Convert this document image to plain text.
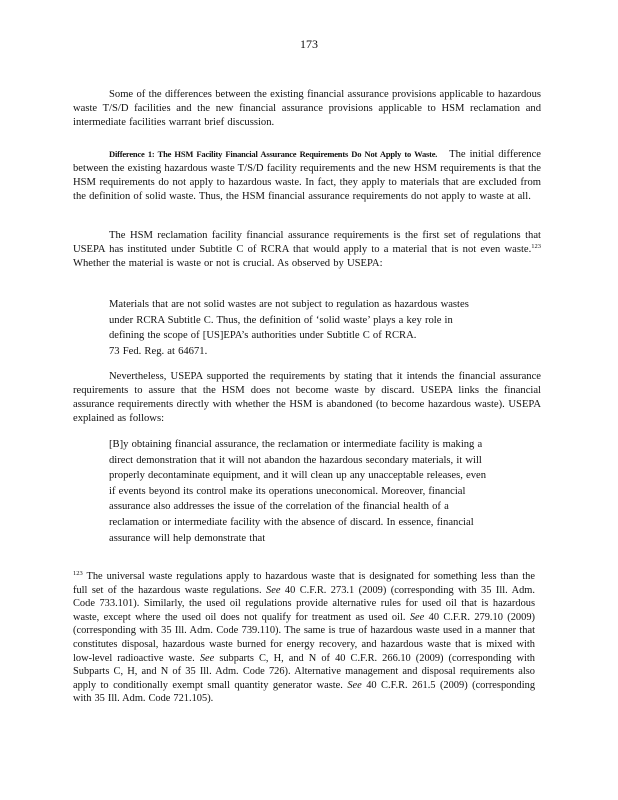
173

Some of the differences between the existing financial assurance provisions applicable to hazardous waste T/S/D facilities and the new financial assurance provisions applicable to HSM reclamation and intermediate facilities warrant brief discussion.

Difference 1: The HSM Facility Financial Assurance Requirements Do Not Apply to Waste. The initial difference between the existing hazardous waste T/S/D facility requirements and the new HSM requirements is that the HSM requirements do not apply to hazardous waste. In fact, they apply to materials that are excluded from the definition of solid waste. Thus, the HSM financial assurance requirements do not apply to waste at all.

The HSM reclamation facility financial assurance requirements is the first set of regulations that USEPA has instituted under Subtitle C of RCRA that would apply to a material that is not even waste.$^{123}$ Whether the material is waste or not is crucial. As observed by USEPA:

Materials that are not solid wastes are not subject to regulation as hazardous wastes under RCRA Subtitle C. Thus, the definition of ‘solid waste’ plays a key role in defining the scope of [US]EPA’s authorities under Subtitle C of RCRA.
73 Fed. Reg. at 64671.

Nevertheless, USEPA supported the requirements by stating that it intends the financial assurance requirements to assure that the HSM does not become waste by discard. USEPA links the financial assurance requirements directly with whether the HSM is abandoned (to become hazardous waste). USEPA explained as follows:

[B]y obtaining financial assurance, the reclamation or intermediate facility is making a direct demonstration that it will not abandon the hazardous secondary materials, it will properly decontaminate equipment, and it will clean up any unacceptable releases, even if events beyond its control make its operations uneconomical. Moreover, financial assurance also addresses the issue of the correlation of the financial health of a reclamation or intermediate facility with the absence of discard. In essence, financial assurance will help demonstrate that

$^{123}$ The universal waste regulations apply to hazardous waste that is designated for something less than the full set of the hazardous waste regulations. See 40 C.F.R. 273.1 (2009) (corresponding with 35 Ill. Adm. Code 733.101). Similarly, the used oil regulations provide alternative rules for used oil that is hazardous waste, except where the used oil does not qualify for treatment as used oil. See 40 C.F.R. 279.10 (2009) (corresponding with 35 Ill. Adm. Code 739.110). The same is true of hazardous waste used in a manner that constitutes disposal, hazardous waste burned for energy recovery, and hazardous waste that is mixed with low-level radioactive waste. See subparts C, H, and N of 40 C.F.R. 266.10 (2009) (corresponding with Subparts C, H, and N of 35 Ill. Adm. Code 726). Alternative management and disposal requirements also apply to conditionally exempt small quantity generator waste. See 40 C.F.R. 261.5 (2009) (corresponding with 35 Ill. Adm. Code 721.105).
